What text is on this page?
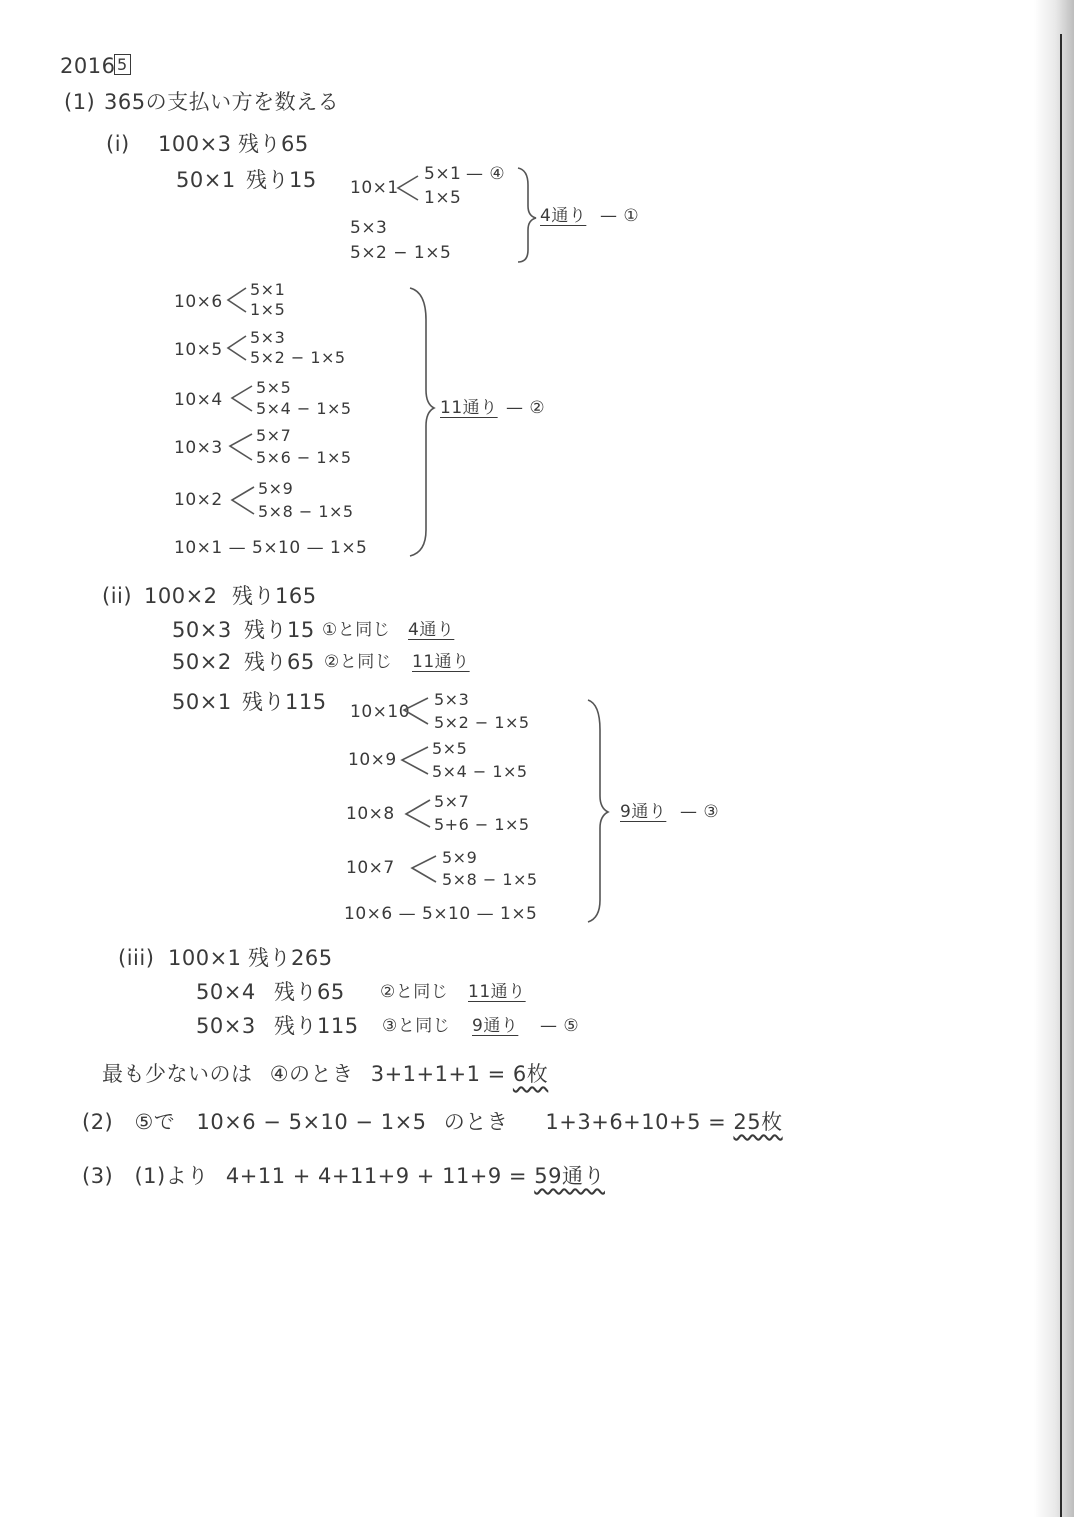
2016 5
(1) 365の支払い方を数える
(i) 100×3 残り65
50×1 残り15 10×1
5×1
1×5
— ④
5×3
5×2 − 1×5
4通り — ①
10×6
5×1
1×5
10×5
5×3
5×2 − 1×5
10×4
5×5
5×4 − 1×5
10×3
5×7
5×6 − 1×5
10×2
5×9
5×8 − 1×5
10×1 — 5×10 — 1×5
11通り — ②
(ii) 100×2 残り165
50×3 残り15 ①と同じ 4通り
50×2 残り65 ②と同じ 11通り
50×1 残り115 10×10
5×3
5×2 − 1×5
10×9
5×5
5×4 − 1×5
10×8
5×7
5+6 − 1×5
10×7
5×9
5×8 − 1×5
10×6 — 5×10 — 1×5
9通り — ③
(iii) 100×1 残り265
50×4 残り65 ②と同じ 11通り
50×3 残り115 ③と同じ 9通り — ⑤
最も少ないのは ④のとき 3+1+1+1 = 6枚
(2) ⑤で 10×6 − 5×10 − 1×5 のとき 1+3+6+10+5 = 25枚
(3) (1)より 4+11 + 4+11+9 + 11+9 = 59通り
